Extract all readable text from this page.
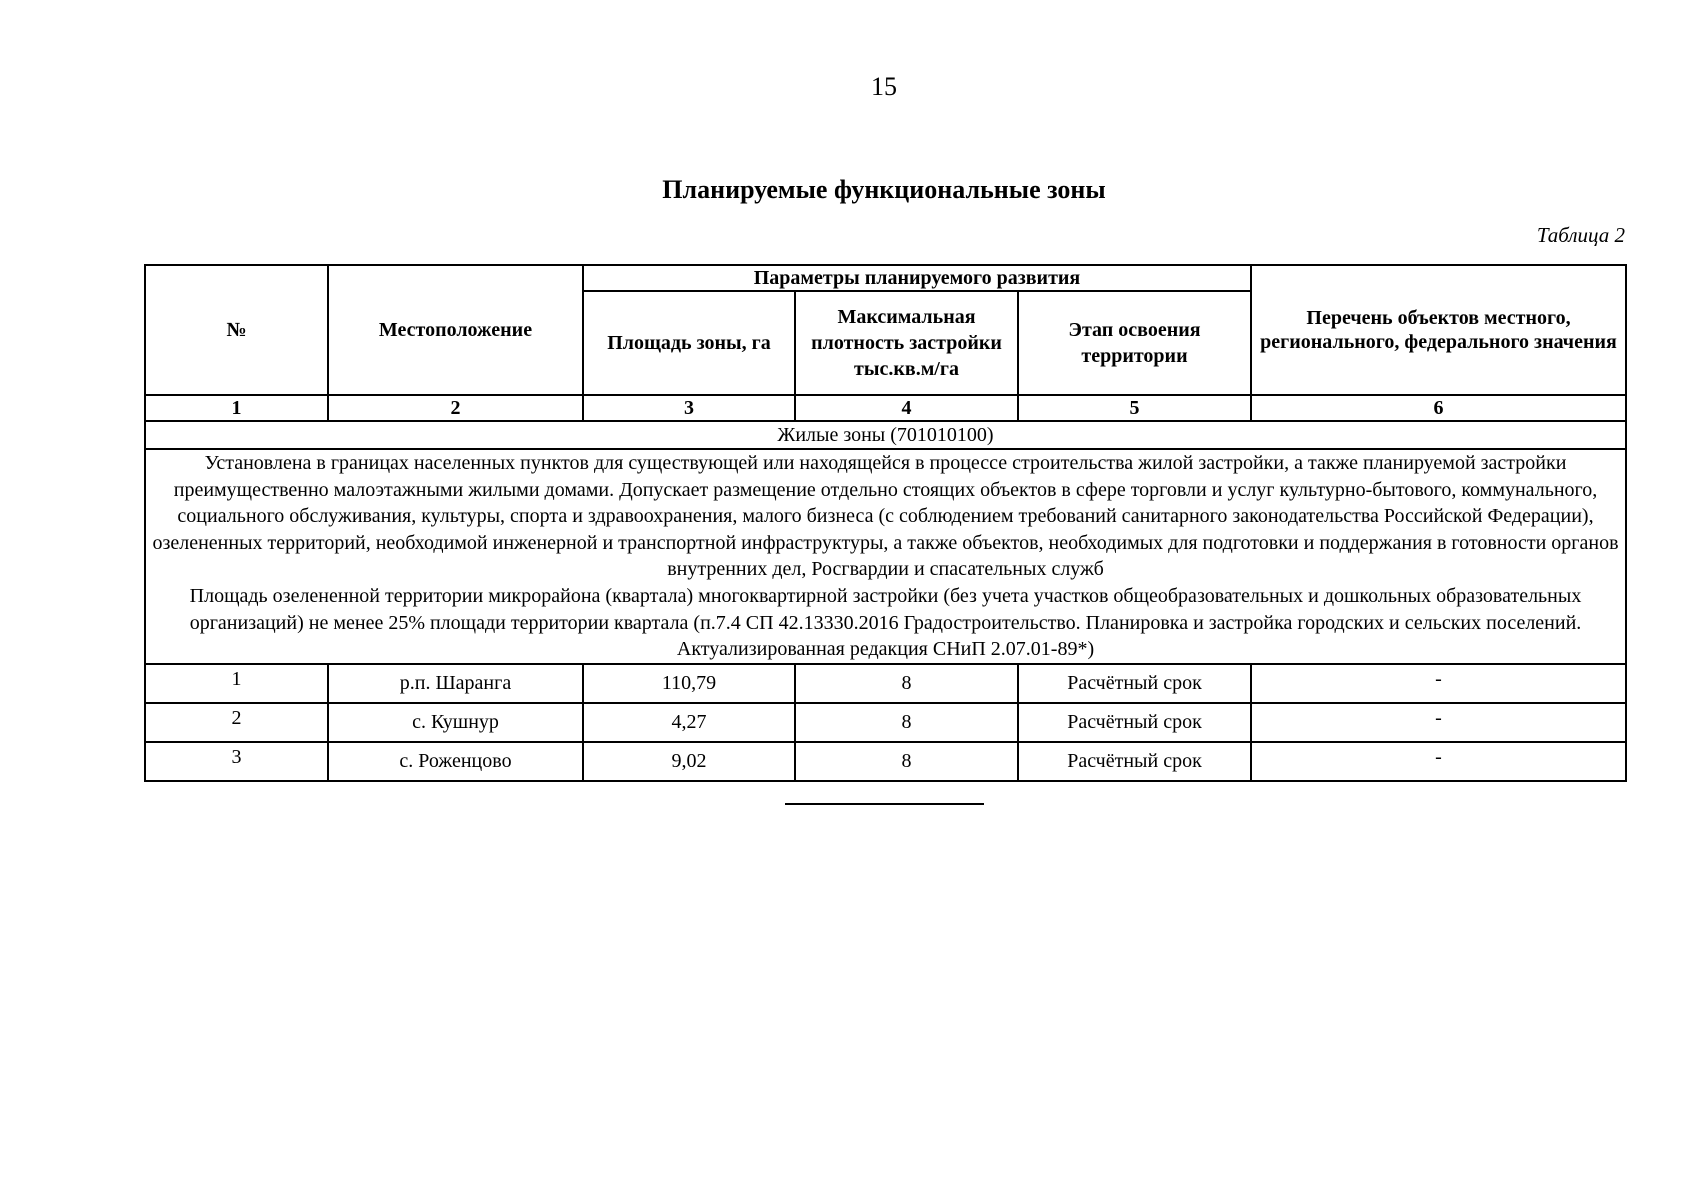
15
Планируемые функциональные зоны
Таблица 2
№	Местоположение	Параметры планируемого развития			Перечень объектов местного, регионального, федерального значения
		Площадь зоны, га	Максимальная плотность застройки тыс.кв.м/га	Этап освоения территории	
1	2	3	4	5	6
Жилые зоны (701010100)					

Установлена в границах населенных пунктов для существующей или находящейся в процессе строительства жилой застройки, а также планируемой застройки преимущественно малоэтажными жилыми домами. Допускает размещение отдельно стоящих объектов в сфере торговли и услуг культурно-бытового, коммунального, социального обслуживания, культуры, спорта и здравоохранения, малого бизнеса (с соблюдением требований санитарного законодательства Российской Федерации), озелененных территорий, необходимой инженерной и транспортной инфраструктуры, а также объектов, необходимых для подготовки и поддержания в готовности органов внутренних дел, Росгвардии и спасательных служб
Площадь озелененной территории микрорайона (квартала) многоквартирной застройки (без учета участков общеобразовательных и дошкольных образовательных организаций) не менее 25% площади территории квартала (п.7.4 СП 42.13330.2016 Градостроительство. Планировка и застройка городских и сельских поселений. Актуализированная редакция СНиП 2.07.01-89*)					

1	р.п. Шаранга	110,79	8	Расчётный срок	-
2	с. Кушнур	4,27	8	Расчётный срок	-
3	с. Роженцово	9,02	8	Расчётный срок	-
